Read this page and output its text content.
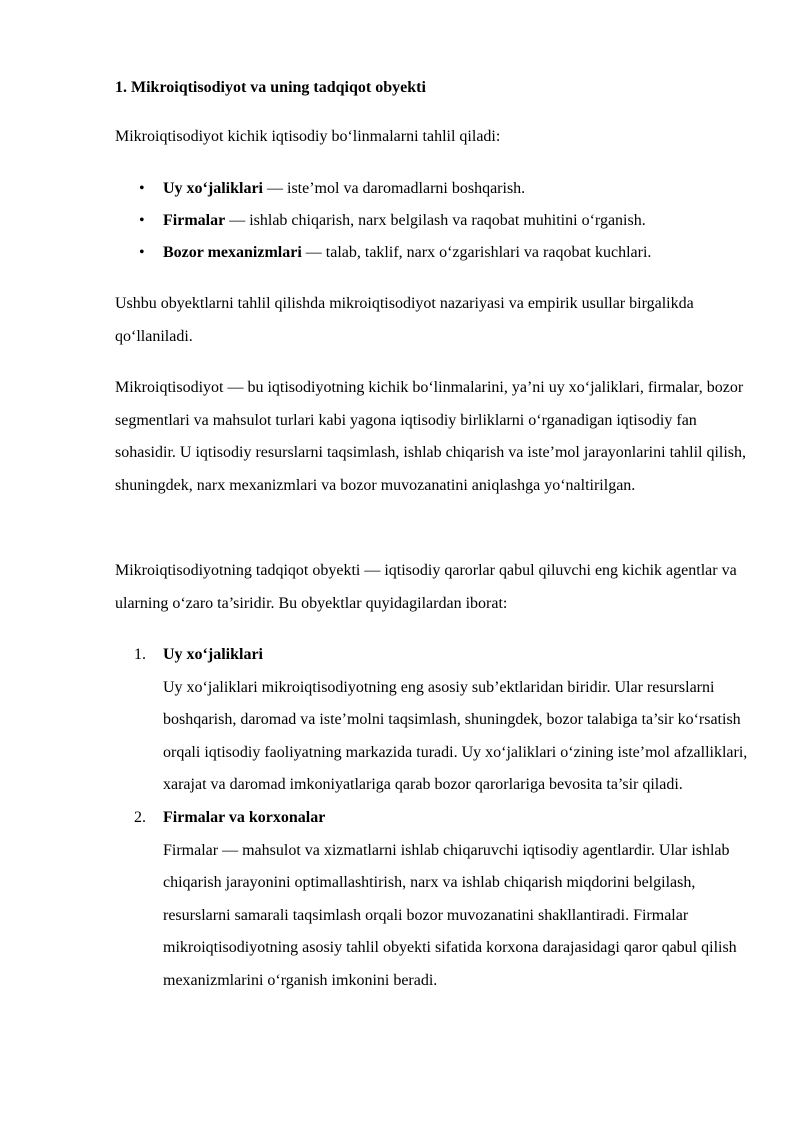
1. Mikroiqtisodiyot va uning tadqiqot obyekti

Mikroiqtisodiyot kichik iqtisodiy bo‘linmalarni tahlil qiladi:

• Uy xo‘jaliklari — iste’mol va daromadlarni boshqarish.
• Firmalar — ishlab chiqarish, narx belgilash va raqobat muhitini o‘rganish.
• Bozor mexanizmlari — talab, taklif, narx o‘zgarishlari va raqobat kuchlari.

Ushbu obyektlarni tahlil qilishda mikroiqtisodiyot nazariyasi va empirik usullar birgalikda qo‘llaniladi.

Mikroiqtisodiyot — bu iqtisodiyotning kichik bo‘linmalarini, ya’ni uy xo‘jaliklari, firmalar, bozor segmentlari va mahsulot turlari kabi yagona iqtisodiy birliklarni o‘rganadigan iqtisodiy fan sohasidir. U iqtisodiy resurslarni taqsimlash, ishlab chiqarish va iste’mol jarayonlarini tahlil qilish, shuningdek, narx mexanizmlari va bozor muvozanatini aniqlashga yo‘naltirilgan.

Mikroiqtisodiyotning tadqiqot obyekti — iqtisodiy qarorlar qabul qiluvchi eng kichik agentlar va ularning o‘zaro ta’siridir. Bu obyektlar quyidagilardan iborat:

1. Uy xo‘jaliklari
Uy xo‘jaliklari mikroiqtisodiyotning eng asosiy sub’ektlaridan biridir. Ular resurslarni boshqarish, daromad va iste’molni taqsimlash, shuningdek, bozor talabiga ta’sir ko‘rsatish orqali iqtisodiy faoliyatning markazida turadi. Uy xo‘jaliklari o‘zining iste’mol afzalliklari, xarajat va daromad imkoniyatlariga qarab bozor qarorlariga bevosita ta’sir qiladi.
2. Firmalar va korxonalar
Firmalar — mahsulot va xizmatlarni ishlab chiqaruvchi iqtisodiy agentlardir. Ular ishlab chiqarish jarayonini optimallashtirish, narx va ishlab chiqarish miqdorini belgilash, resurslarni samarali taqsimlash orqali bozor muvozanatini shakllantiradi. Firmalar mikroiqtisodiyotning asosiy tahlil obyekti sifatida korxona darajasidagi qaror qabul qilish mexanizmlarini o‘rganish imkonini beradi.
